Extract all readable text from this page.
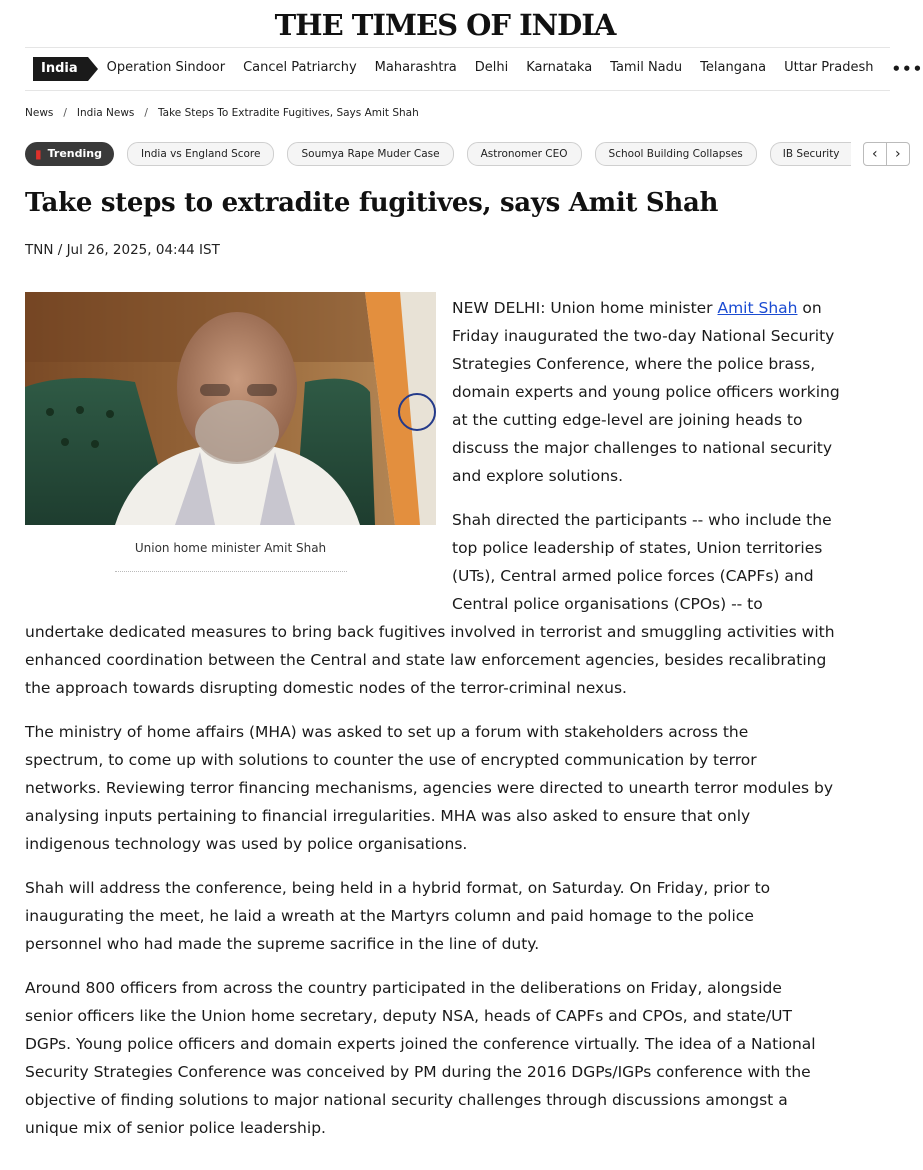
THE TIMES OF INDIA
India	Operation Sindoor Cancel Patriarchy Maharashtra Delhi Karnataka Tamil Nadu Telangana Uttar Pradesh •••
News / India News / Take Steps To Extradite Fugitives, Says Amit Shah
▮ Trending	India vs England Score	Soumya Rape Muder Case	Astronomer CEO	School Building Collapses	IB Security	‹	›
Take steps to extradite fugitives, says Amit Shah
TNN / Jul 26, 2025, 04:44 IST
Union home minister Amit Shah
NEW DELHI: Union home minister Amit Shah on
Friday inaugurated the two-day National Security
Strategies Conference, where the police brass,
domain experts and young police officers working
at the cutting edge-level are joining heads to
discuss the major challenges to national security
and explore solutions.
Shah directed the participants -- who include the
top police leadership of states, Union territories
(UTs), Central armed police forces (CAPFs) and
Central police organisations (CPOs) -- to
undertake dedicated measures to bring back fugitives involved in terrorist and smuggling activities with
enhanced coordination between the Central and state law enforcement agencies, besides recalibrating
the approach towards disrupting domestic nodes of the terror-criminal nexus.
The ministry of home affairs (MHA) was asked to set up a forum with stakeholders across the
spectrum, to come up with solutions to counter the use of encrypted communication by terror
networks. Reviewing terror financing mechanisms, agencies were directed to unearth terror modules by
analysing inputs pertaining to financial irregularities. MHA was also asked to ensure that only
indigenous technology was used by police organisations.
Shah will address the conference, being held in a hybrid format, on Saturday. On Friday, prior to
inaugurating the meet, he laid a wreath at the Martyrs column and paid homage to the police
personnel who had made the supreme sacrifice in the line of duty.
Around 800 officers from across the country participated in the deliberations on Friday, alongside
senior officers like the Union home secretary, deputy NSA, heads of CAPFs and CPOs, and state/UT
DGPs. Young police officers and domain experts joined the conference virtually. The idea of a National
Security Strategies Conference was conceived by PM during the 2016 DGPs/IGPs conference with the
objective of finding solutions to major national security challenges through discussions amongst a
unique mix of senior police leadership.
